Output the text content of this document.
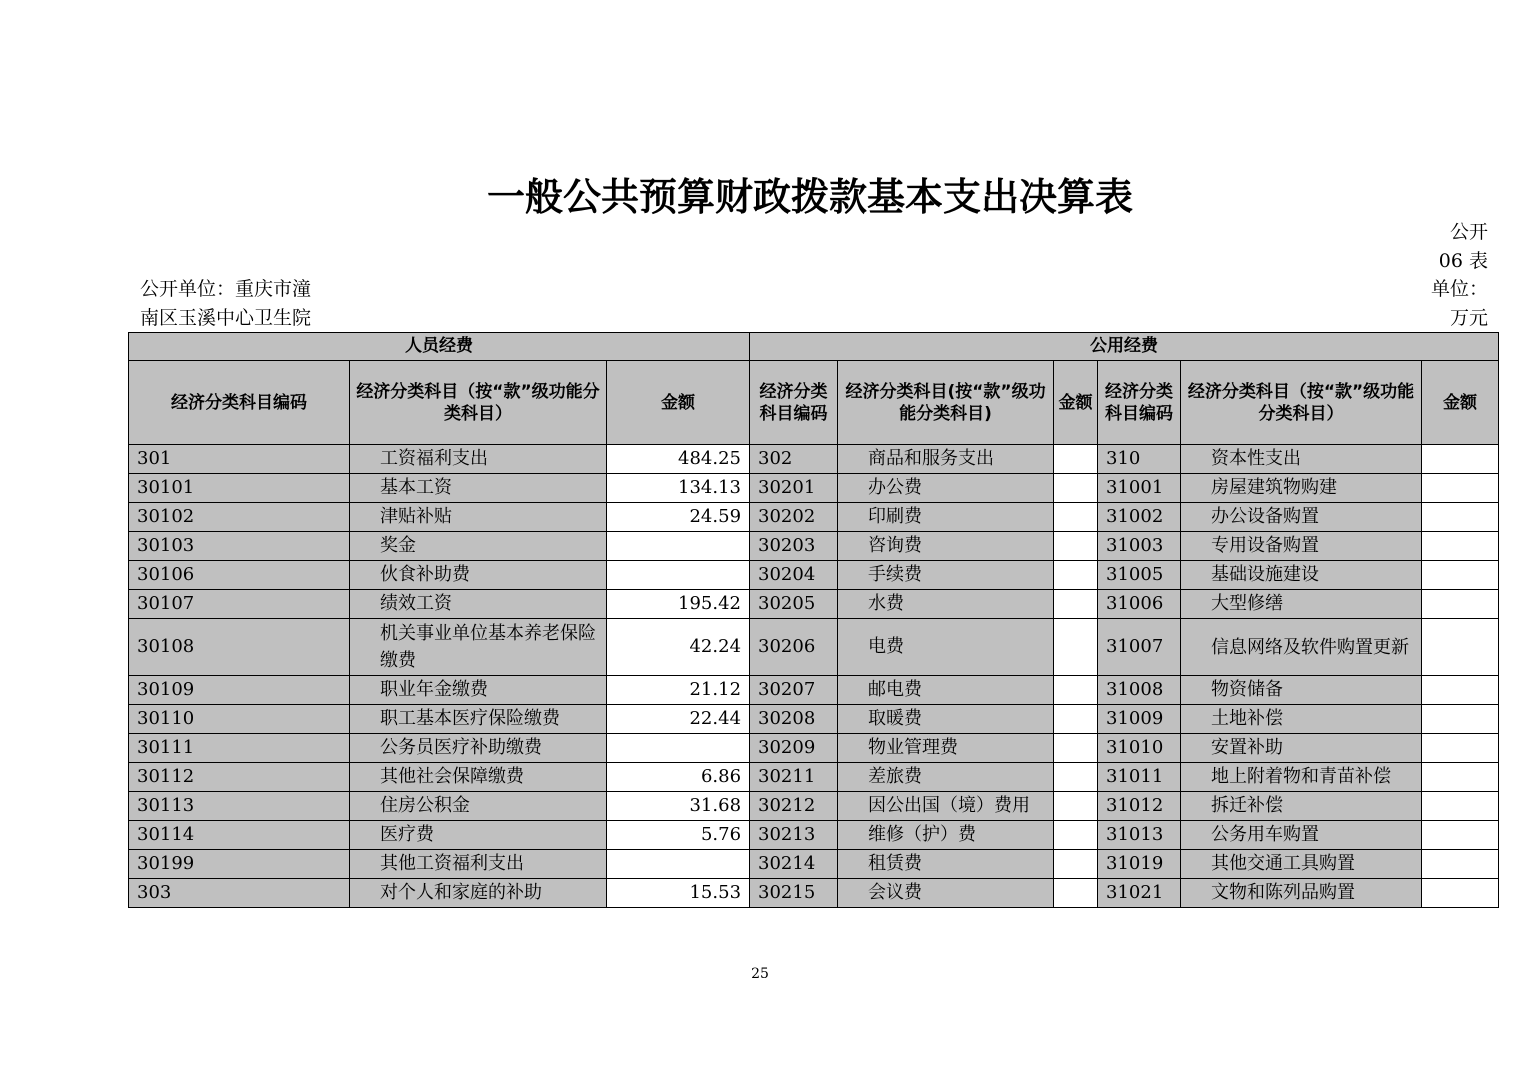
一般公共预算财政拨款基本支出决算表
公开
06 表
单位：
万元
公开单位：重庆市潼
南区玉溪中心卫生院
人员经费			公用经费					
经济分类科目编码	经济分类科目（按“款”级功能分类科目）	金额	经济分类科目编码	经济分类科目(按“款”级功能分类科目)	金额	经济分类科目编码	经济分类科目（按“款”级功能分类科目）	金额
301	工资福利支出	484.25	302	商品和服务支出		310	资本性支出	
30101	基本工资	134.13	30201	办公费		31001	房屋建筑物购建	
30102	津贴补贴	24.59	30202	印刷费		31002	办公设备购置	
30103	奖金		30203	咨询费		31003	专用设备购置	
30106	伙食补助费		30204	手续费		31005	基础设施建设	
30107	绩效工资	195.42	30205	水费		31006	大型修缮	
30108	机关事业单位基本养老保险缴费	42.24	30206	电费		31007	信息网络及软件购置更新	
30109	职业年金缴费	21.12	30207	邮电费		31008	物资储备	
30110	职工基本医疗保险缴费	22.44	30208	取暖费		31009	土地补偿	
30111	公务员医疗补助缴费		30209	物业管理费		31010	安置补助	
30112	其他社会保障缴费	6.86	30211	差旅费		31011	地上附着物和青苗补偿	
30113	住房公积金	31.68	30212	因公出国（境）费用		31012	拆迁补偿	
30114	医疗费	5.76	30213	维修（护）费		31013	公务用车购置	
30199	其他工资福利支出		30214	租赁费		31019	其他交通工具购置	
303	对个人和家庭的补助	15.53	30215	会议费		31021	文物和陈列品购置	
25
